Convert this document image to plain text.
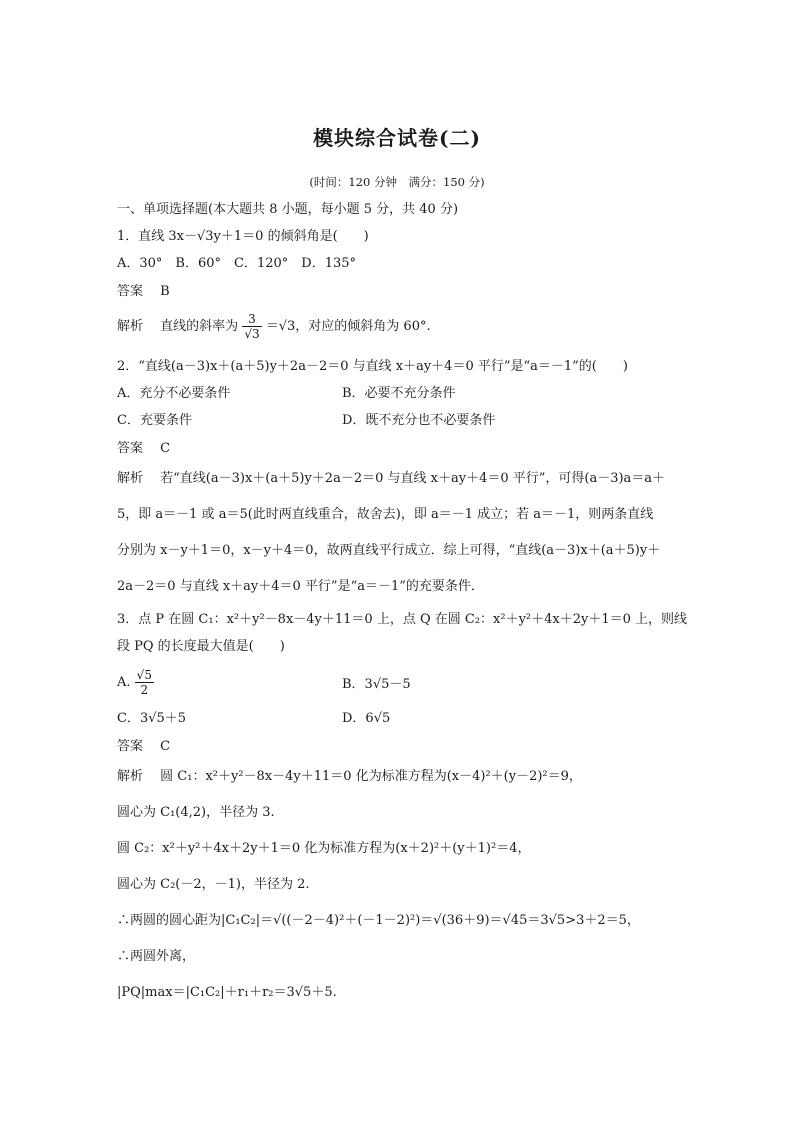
模块综合试卷(二)
(时间：120 分钟　满分：150 分)
一、单项选择题(本大题共 8 小题，每小题 5 分，共 40 分)
1．直线 3x－√3y＋1＝0 的倾斜角是(　　)
A．30°　B．60°　C．120°　D．135°
答案　 B
解析　 直线的斜率为 $\frac{3}{√3} =√3$，对应的倾斜角为 60°.
2．“直线(a－3)x＋(a＋5)y＋2a－2＝0 与直线 x＋ay＋4＝0 平行”是“a＝－1”的(　　)
A．充分不必要条件	B．必要不充分条件
C．充要条件	D．既不充分也不必要条件
答案　 C
解析　 若“直线(a－3)x＋(a＋5)y＋2a－2＝0 与直线 x＋ay＋4＝0 平行”，可得(a－3)a＝a＋
5，即 a＝－1 或 a＝5(此时两直线重合，故舍去)，即 a＝－1 成立；若 a＝－1，则两条直线
分别为 x－y＋1＝0，x－y＋4＝0，故两直线平行成立．综上可得，“直线(a－3)x＋(a＋5)y＋
2a－2＝0 与直线 x＋ay＋4＝0 平行”是“a＝－1”的充要条件．
3．点 P 在圆 C₁：x²＋y²－8x－4y＋11＝0 上，点 Q 在圆 C₂：x²＋y²＋4x＋2y＋1＝0 上，则线
段 PQ 的长度最大值是(　　)
A. $\frac{√5}{2}$	B．3√5－5
C．3√5＋5	D．6√5
答案　 C
解析　 圆 C₁：x²＋y²－8x－4y＋11＝0 化为标准方程为(x－4)²＋(y－2)²＝9，
圆心为 C₁(4,2)，半径为 3.
圆 C₂：x²＋y²＋4x＋2y＋1＝0 化为标准方程为(x＋2)²＋(y＋1)²＝4，
圆心为 C₂(－2，－1)，半径为 2.
∴两圆的圆心距为|C₁C₂|＝√((－2－4)²＋(－1－2)²)＝√(36＋9)＝√45＝3√5>3＋2＝5，
∴两圆外离，
|PQ|max＝|C₁C₂|＋r₁＋r₂＝3√5＋5.
